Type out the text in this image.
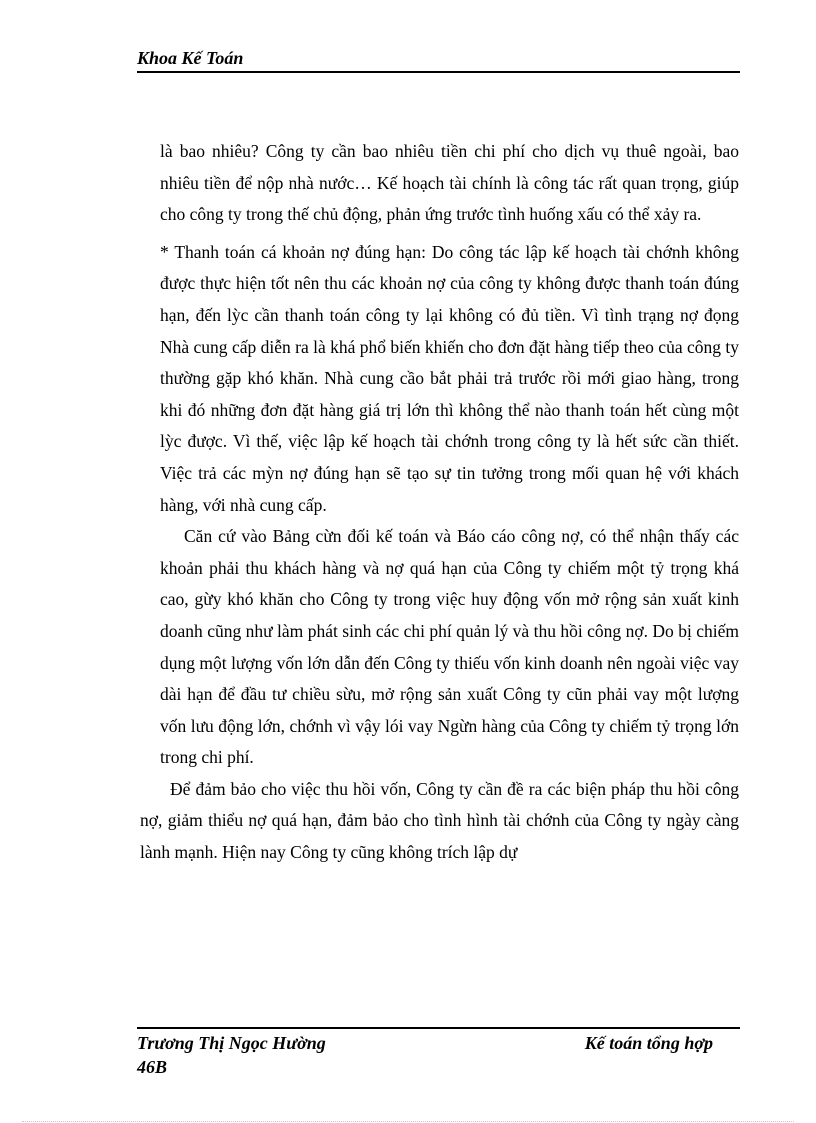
Khoa Kế Toán

là bao nhiêu? Công ty cần bao nhiêu tiền chi phí cho dịch vụ thuê ngoài, bao nhiêu tiền để nộp nhà nước… Kế hoạch tài chính là công tác rất quan trọng, giúp cho công ty trong thế chủ động, phản ứng trước tình huống xấu có thể xảy ra.

* Thanh toán cá khoản nợ đúng hạn: Do công tác lập kế hoạch tài chớnh không được thực hiện tốt nên thu các khoản nợ của công ty không được thanh toán đúng hạn, đến lỳc cần thanh toán công ty lại không có đủ tiền. Vì tình trạng nợ đọng Nhà cung cấp diễn ra là khá phổ biến khiến cho đơn đặt hàng tiếp theo của công ty thường gặp khó khăn. Nhà cung cầo bắt phải trả trước rồi mới giao hàng, trong khi đó những đơn đặt hàng giá trị lớn thì không thể nào thanh toán hết cùng một lỳc được. Vì thế, việc lập kế hoạch tài chớnh trong công ty là hết sức cần thiết. Việc trả các mỳn nợ đúng hạn sẽ tạo sự tin tưởng trong mối quan hệ với khách hàng, với nhà cung cấp.

Căn cứ vào Bảng cừn đối kế toán và Báo cáo công nợ, có thể nhận thấy các khoản phải thu khách hàng và nợ quá hạn của Công ty chiếm một tỷ trọng khá cao, gừy khó khăn cho Công ty trong việc huy động vốn mở rộng sản xuất kinh doanh cũng như làm phát sinh các chi phí quản lý và thu hồi công nợ. Do bị chiếm dụng một lượng vốn lớn dẫn đến Công ty thiếu vốn kinh doanh nên ngoài việc vay dài hạn để đầu tư chiều sừu, mở rộng sản xuất Công ty cũn phải vay một lượng vốn lưu động lớn, chớnh vì vậy lói vay Ngừn hàng của Công ty chiếm tỷ trọng lớn trong chi phí.

Để đảm bảo cho việc thu hồi vốn, Công ty cần đề ra các biện pháp thu hồi công nợ, giảm thiểu nợ quá hạn, đảm bảo cho tình hình tài chớnh của Công ty ngày càng lành mạnh. Hiện nay Công ty cũng không trích lập dự

Trương Thị Ngọc Hường	Kế toán tổng hợp
46B
